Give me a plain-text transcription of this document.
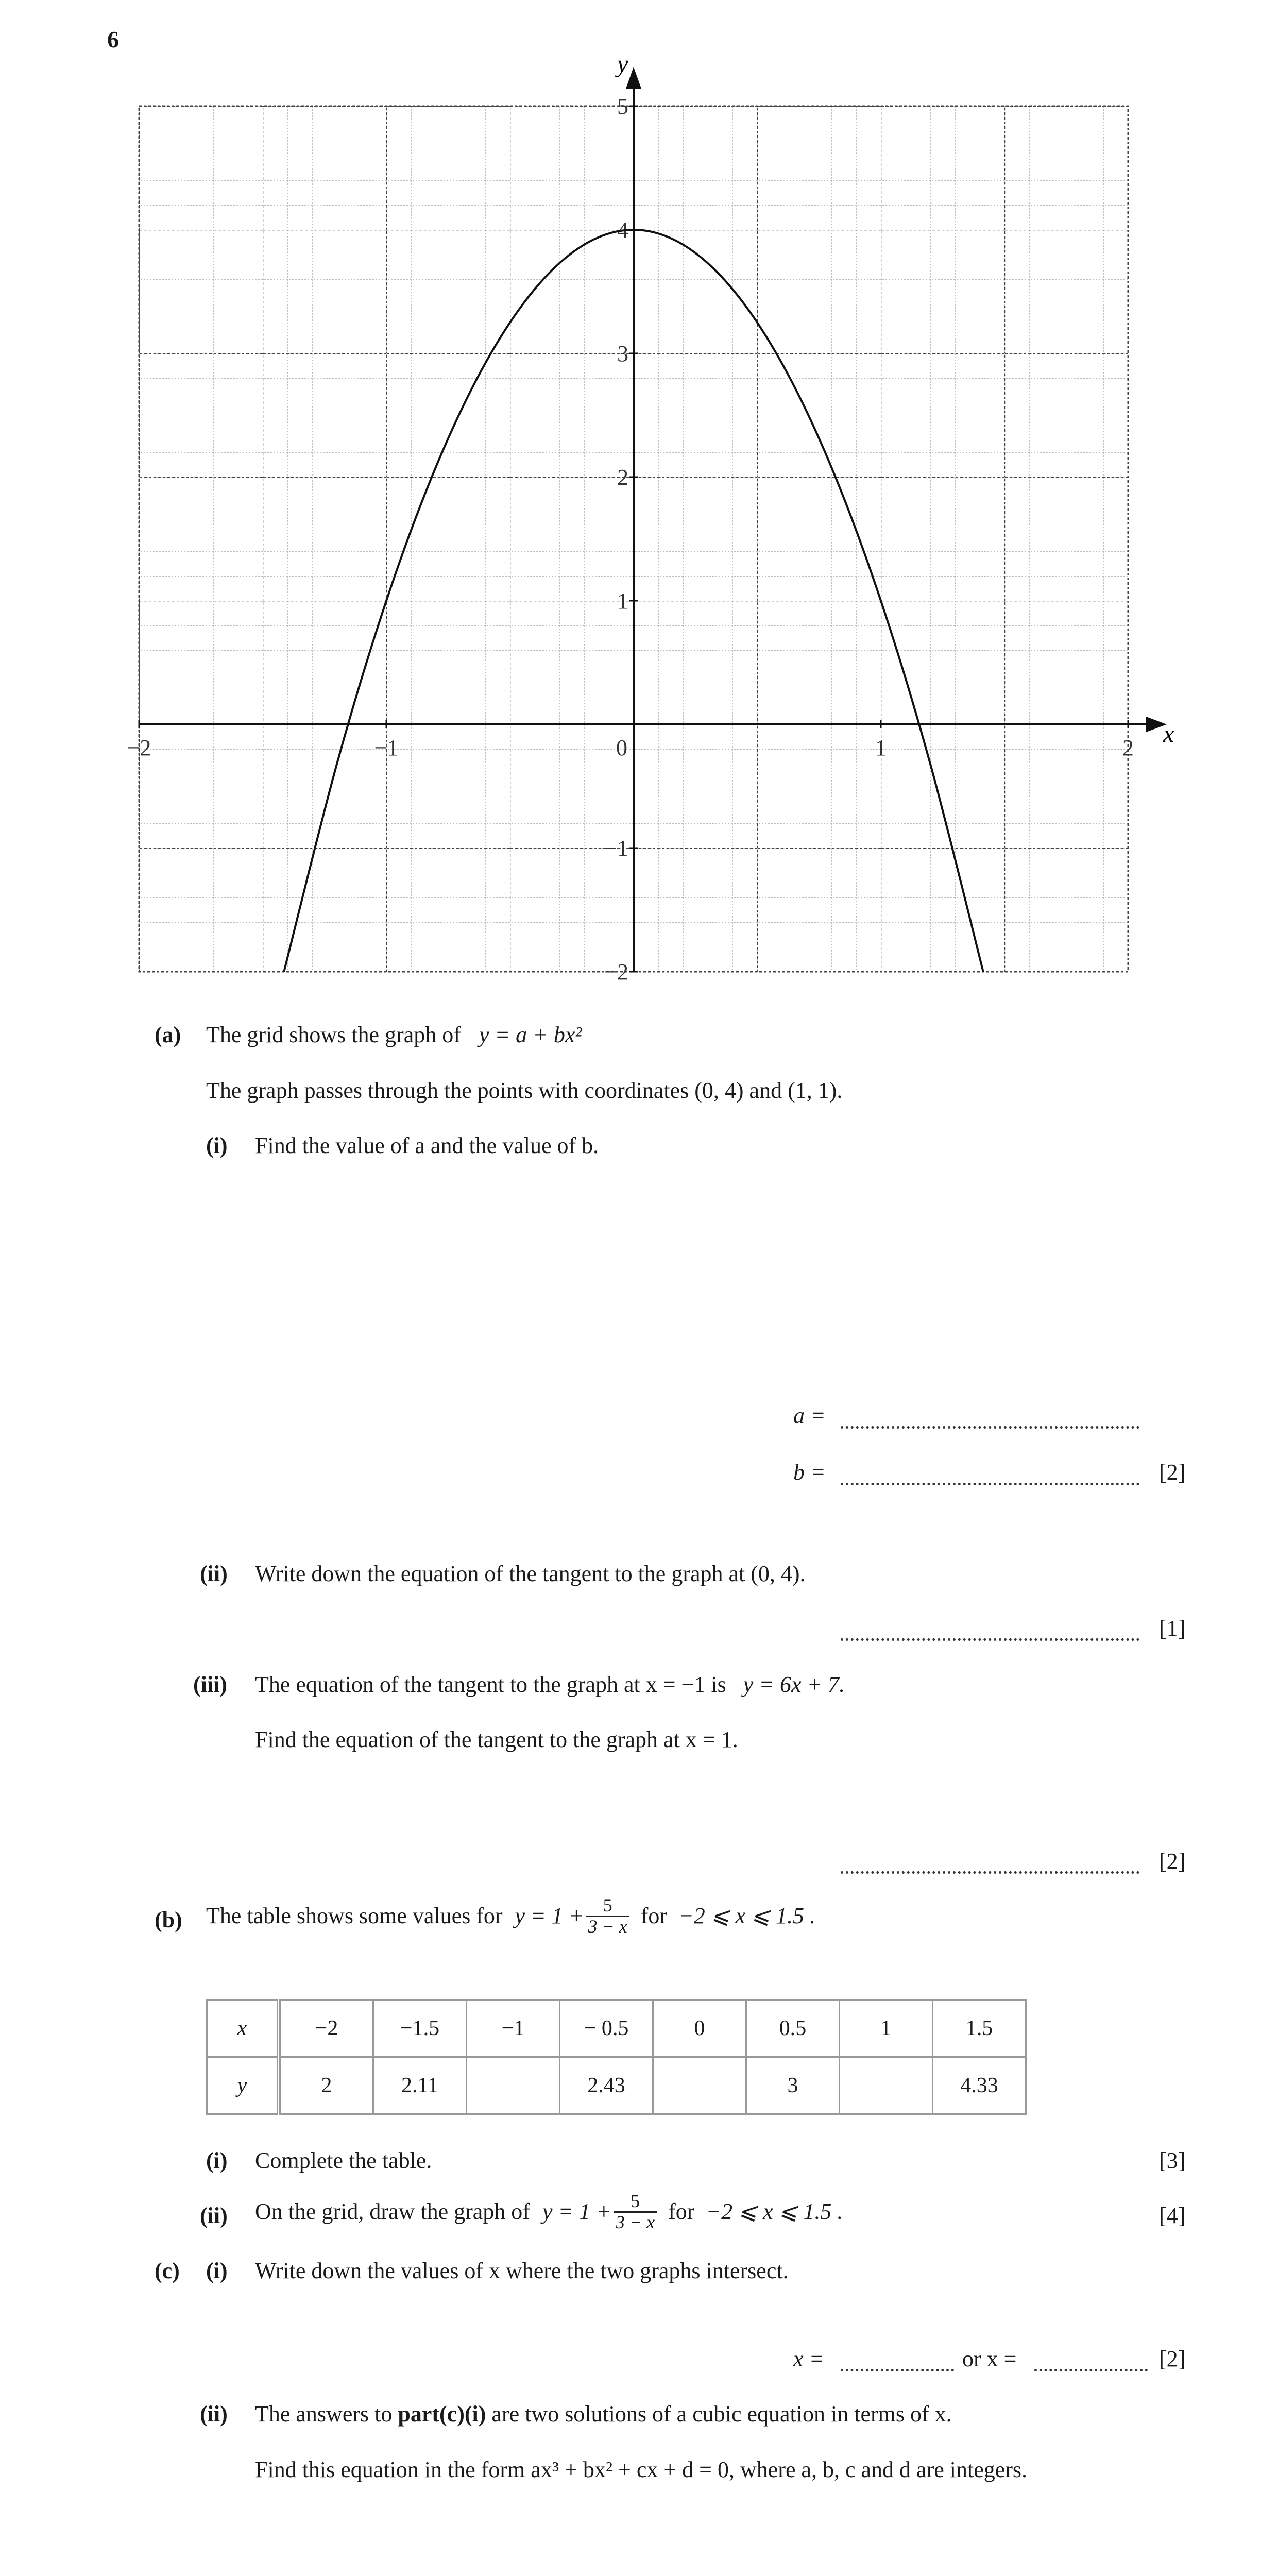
6
x
y
−2	−1	0	1	2
5
4
3
2
1
−1
−2
(a) The grid shows the graph of y = a + bx²
The graph passes through the points with coordinates (0, 4) and (1, 1).
(i) Find the value of a and the value of b.
a =
b =	[2]
(ii) Write down the equation of the tangent to the graph at (0, 4).
[1]
(iii) The equation of the tangent to the graph at x = −1 is y = 6x + 7.
Find the equation of the tangent to the graph at x = 1.
[2]
(b) The table shows some values for $y = 1 + \frac{5}{3 - x}$ for −2 ⩽ x ⩽ 1.5 .
x	−2	−1.5	−1	− 0.5	0	0.5	1	1.5
y	2	2.11		2.43		3		4.33
(i) Complete the table.	[3]
(ii) On the grid, draw the graph of $y = 1 + \frac{5}{3 - x}$ for −2 ⩽ x ⩽ 1.5 .	[4]
(c) (i) Write down the values of x where the two graphs intersect.
x =	or x =	[2]
(ii) The answers to part(c)(i) are two solutions of a cubic equation in terms of x.
Find this equation in the form ax³ + bx² + cx + d = 0, where a, b, c and d are integers.
